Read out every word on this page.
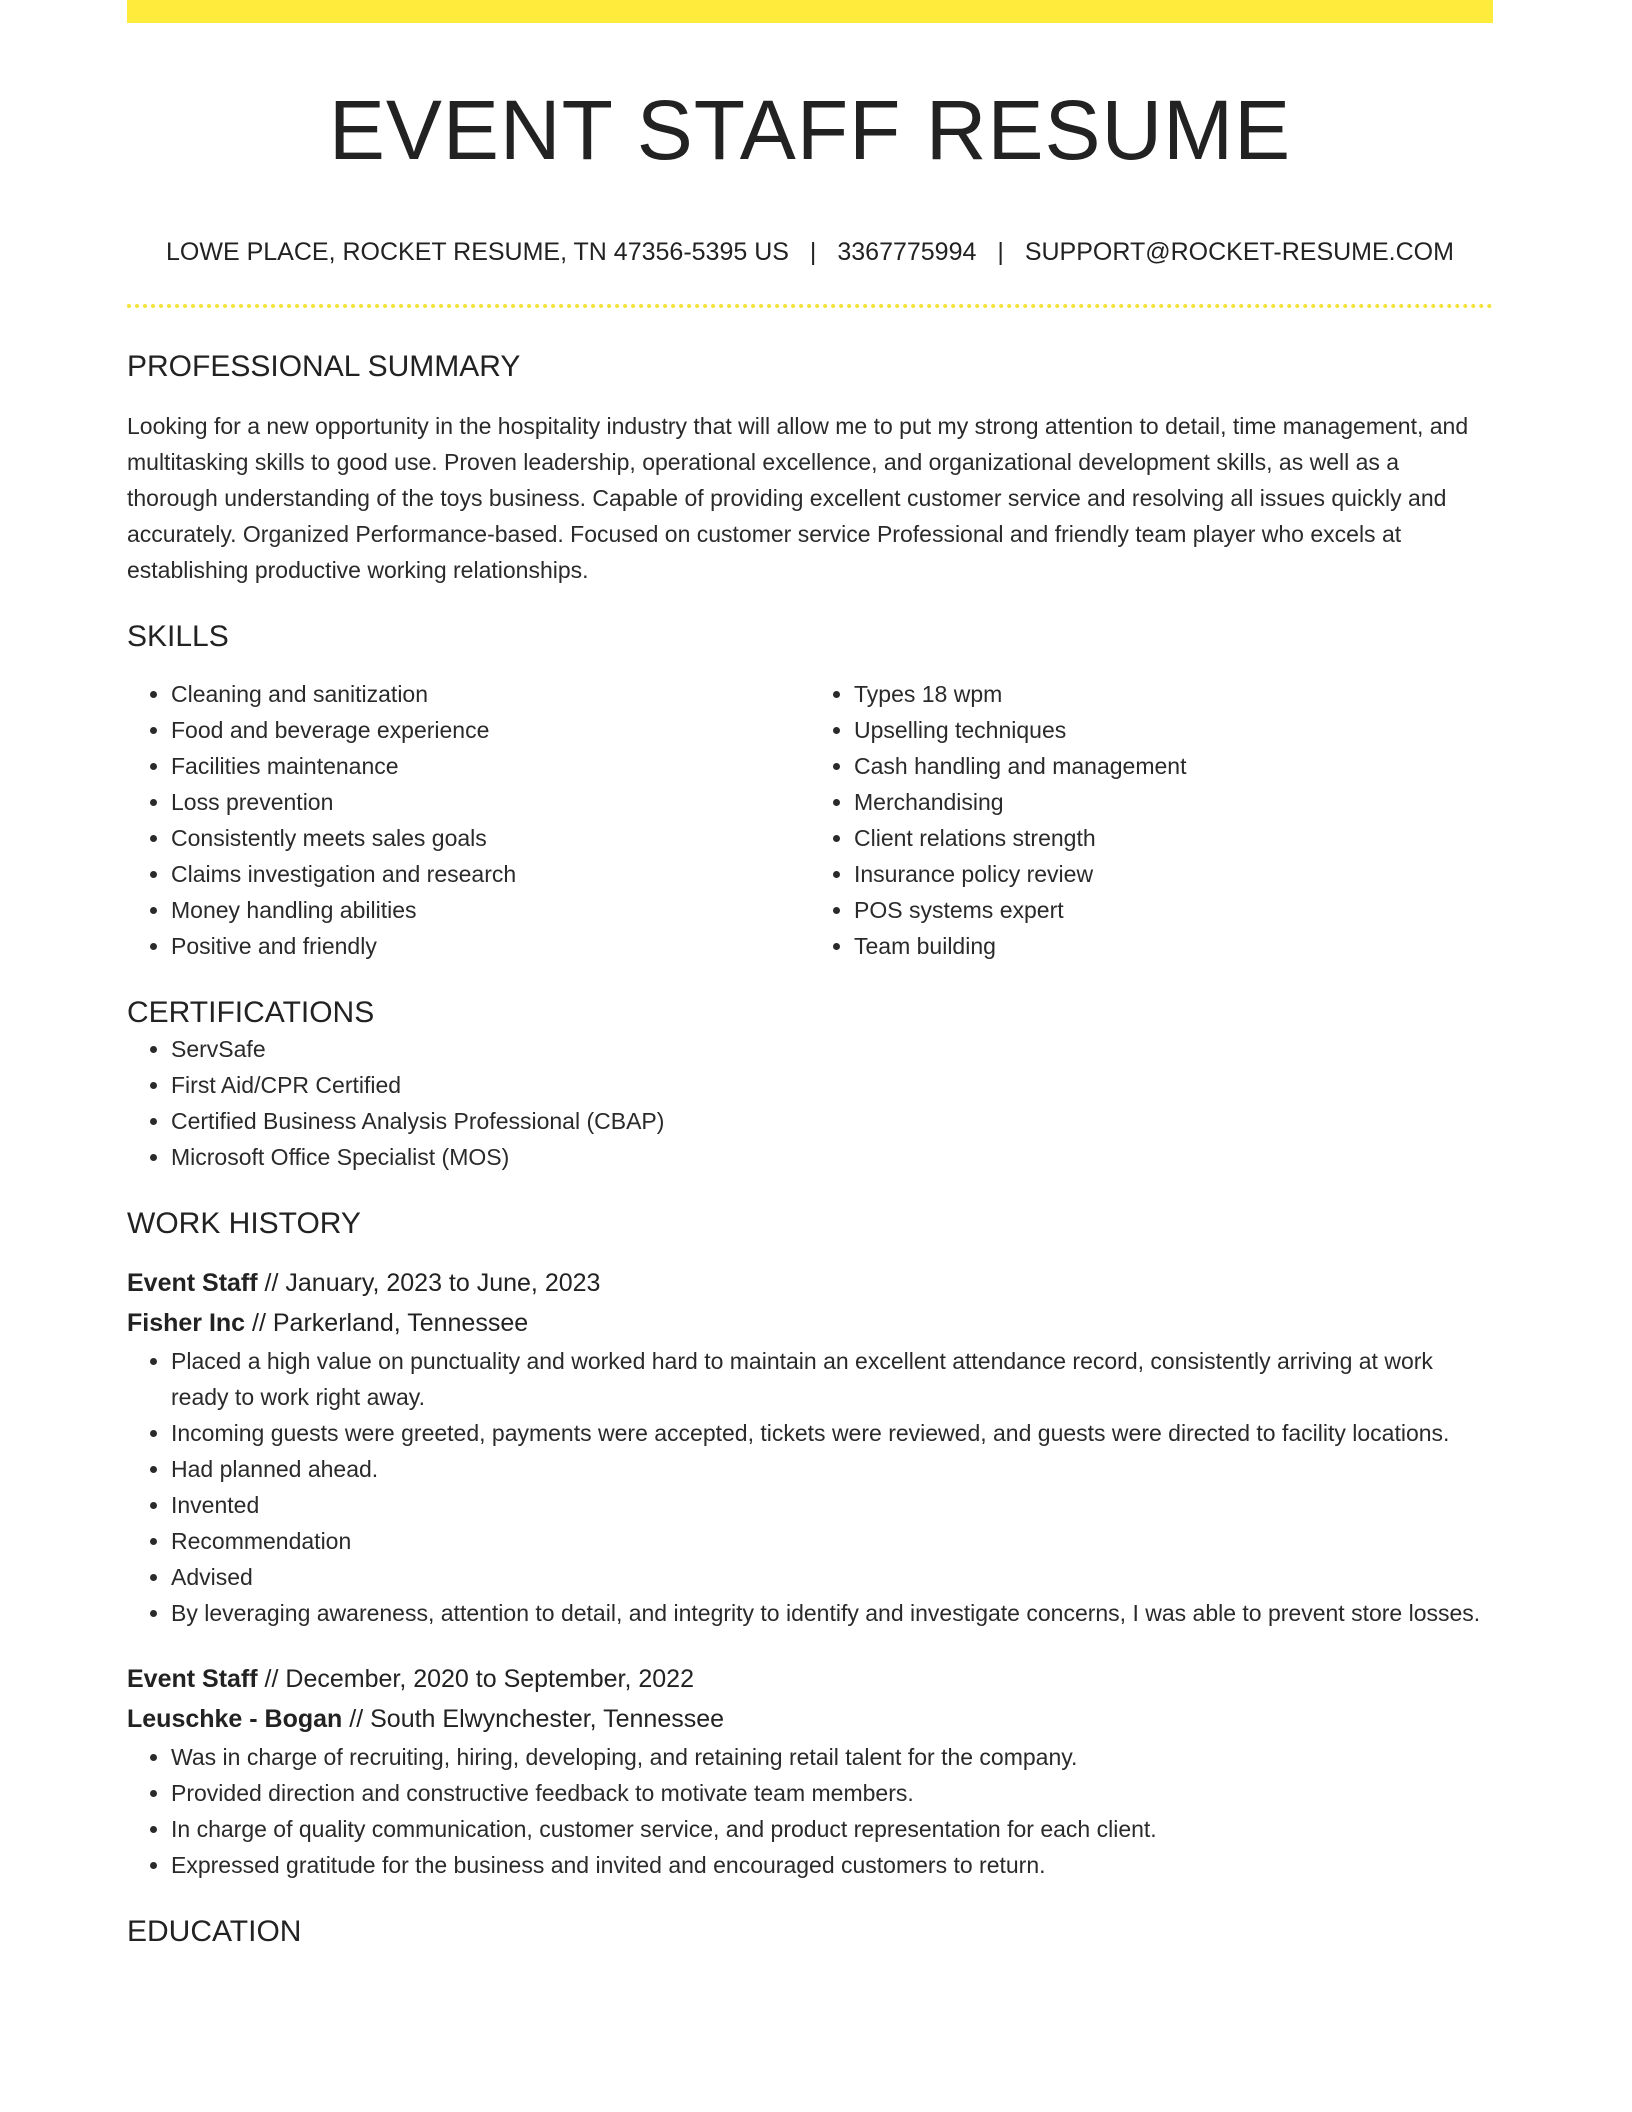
EVENT STAFF RESUME
LOWE PLACE, ROCKET RESUME, TN 47356-5395 US | 3367775994 | SUPPORT@ROCKET-RESUME.COM
PROFESSIONAL SUMMARY

Looking for a new opportunity in the hospitality industry that will allow me to put my strong attention to detail, time management, and multitasking skills to good use. Proven leadership, operational excellence, and organizational development skills, as well as a thorough understanding of the toys business. Capable of providing excellent customer service and resolving all issues quickly and accurately. Organized Performance-based. Focused on customer service Professional and friendly team player who excels at establishing productive working relationships.

SKILLS
• Cleaning and sanitization
• Food and beverage experience
• Facilities maintenance
• Loss prevention
• Consistently meets sales goals
• Claims investigation and research
• Money handling abilities
• Positive and friendly
• Types 18 wpm
• Upselling techniques
• Cash handling and management
• Merchandising
• Client relations strength
• Insurance policy review
• POS systems expert
• Team building
CERTIFICATIONS
• ServSafe
• First Aid/CPR Certified
• Certified Business Analysis Professional (CBAP)
• Microsoft Office Specialist (MOS)
WORK HISTORY
Event Staff // January, 2023 to June, 2023
Fisher Inc // Parkerland, Tennessee
• Placed a high value on punctuality and worked hard to maintain an excellent attendance record, consistently arriving at work ready to work right away.
• Incoming guests were greeted, payments were accepted, tickets were reviewed, and guests were directed to facility locations.
• Had planned ahead.
• Invented
• Recommendation
• Advised
• By leveraging awareness, attention to detail, and integrity to identify and investigate concerns, I was able to prevent store losses.
Event Staff // December, 2020 to September, 2022
Leuschke - Bogan // South Elwynchester, Tennessee
• Was in charge of recruiting, hiring, developing, and retaining retail talent for the company.
• Provided direction and constructive feedback to motivate team members.
• In charge of quality communication, customer service, and product representation for each client.
• Expressed gratitude for the business and invited and encouraged customers to return.
EDUCATION
